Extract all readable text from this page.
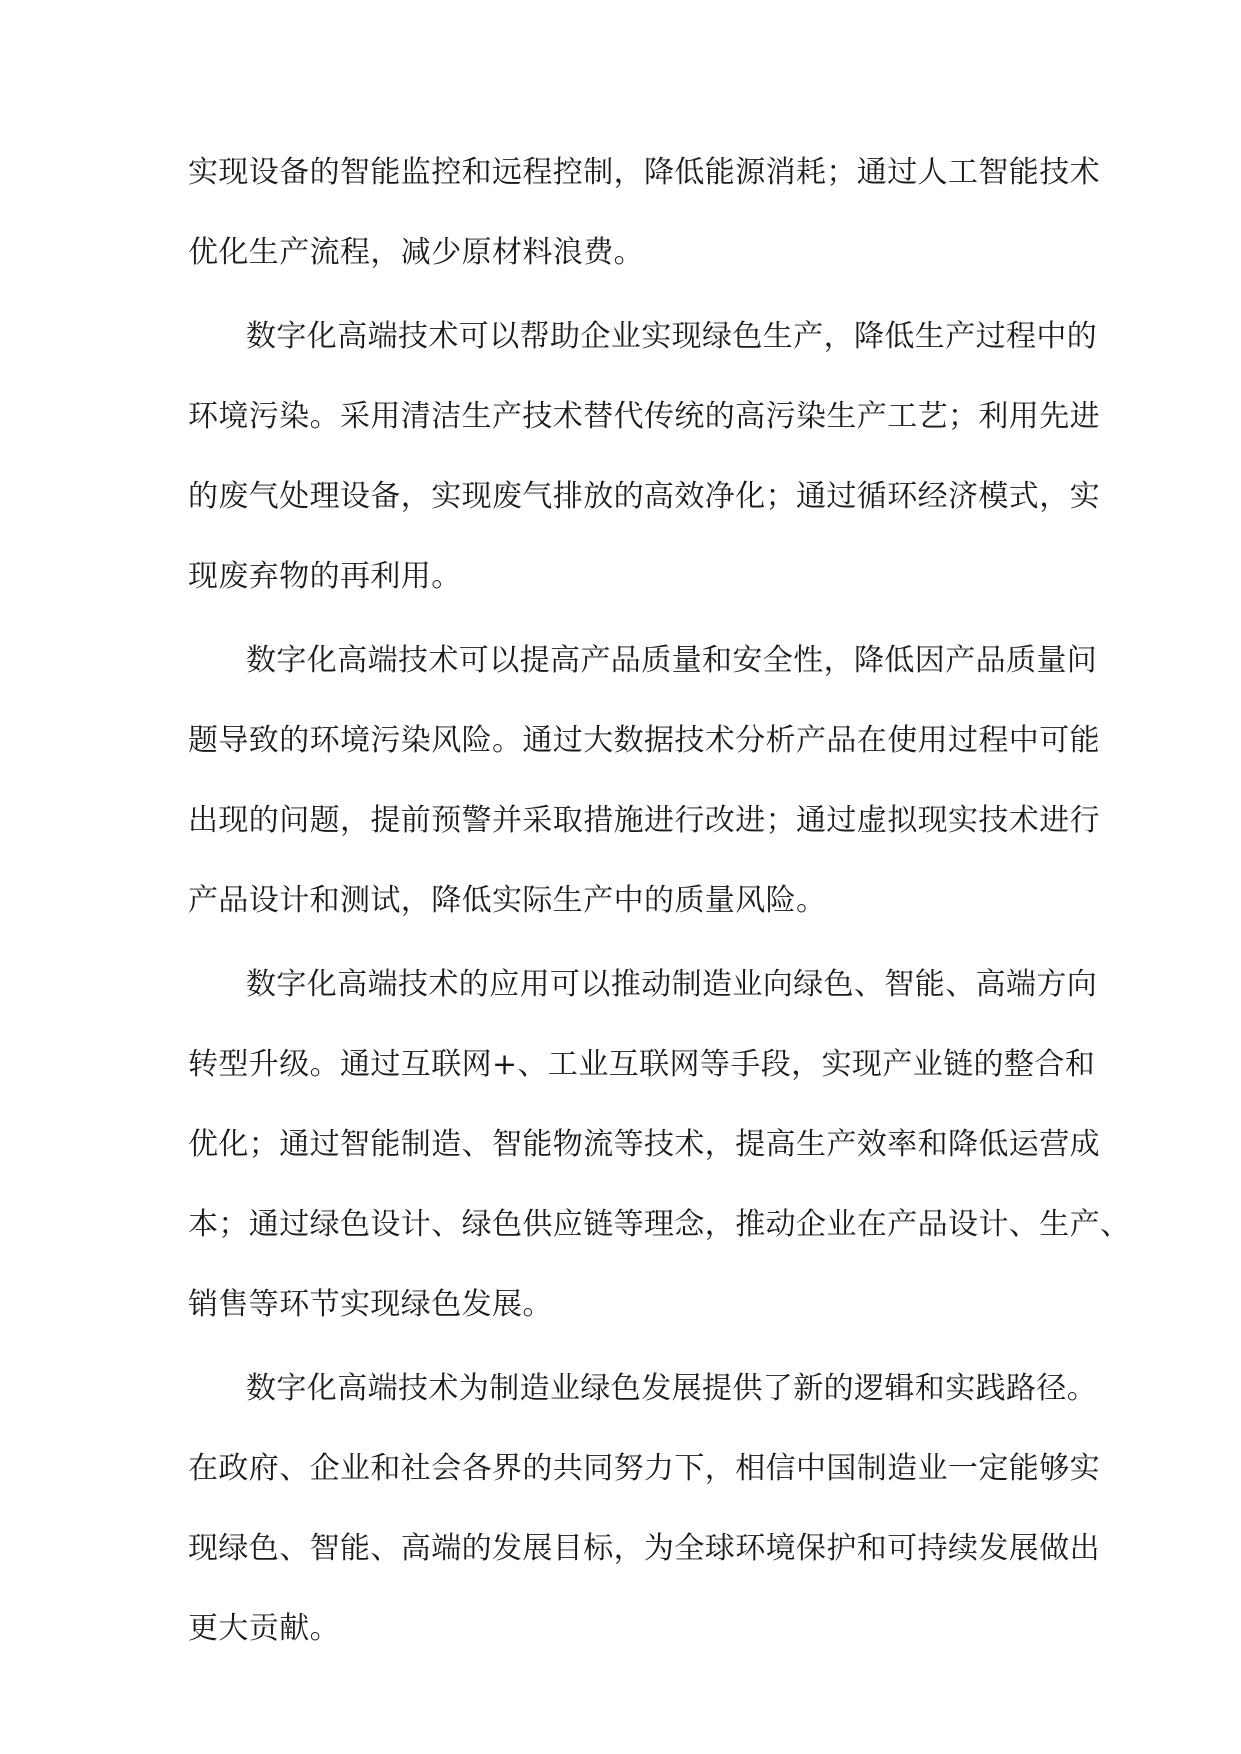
实现设备的智能监控和远程控制，降低能源消耗；通过人工智能技术

优化生产流程，减少原材料浪费。

数字化高端技术可以帮助企业实现绿色生产，降低生产过程中的

环境污染。采用清洁生产技术替代传统的高污染生产工艺；利用先进

的废气处理设备，实现废气排放的高效净化；通过循环经济模式，实

现废弃物的再利用。

数字化高端技术可以提高产品质量和安全性，降低因产品质量问

题导致的环境污染风险。通过大数据技术分析产品在使用过程中可能

出现的问题，提前预警并采取措施进行改进；通过虚拟现实技术进行

产品设计和测试，降低实际生产中的质量风险。

数字化高端技术的应用可以推动制造业向绿色、智能、高端方向

转型升级。通过互联网+、工业互联网等手段，实现产业链的整合和

优化；通过智能制造、智能物流等技术，提高生产效率和降低运营成

本；通过绿色设计、绿色供应链等理念，推动企业在产品设计、生产、

销售等环节实现绿色发展。

数字化高端技术为制造业绿色发展提供了新的逻辑和实践路径。

在政府、企业和社会各界的共同努力下，相信中国制造业一定能够实

现绿色、智能、高端的发展目标，为全球环境保护和可持续发展做出

更大贡献。
